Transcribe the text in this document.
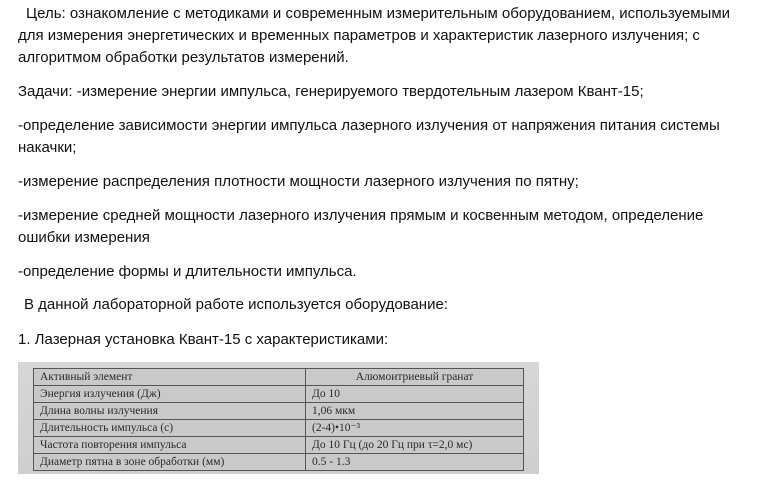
Цель: ознакомление с методиками и современным измерительным оборудованием, используемыми для измерения энергетических и временных параметров и характеристик лазерного излучения; с алгоритмом обработки результатов измерений.

Задачи: -измерение энергии импульса, генерируемого твердотельным лазером Квант-15;

-определение зависимости энергии импульса лазерного излучения от напряжения питания системы накачки;

-измерение распределения плотности мощности лазерного излучения по пятну;

-измерение средней мощности лазерного излучения прямым и косвенным методом, определение ошибки измерения

-определение формы и длительности импульса.

В данной лабораторной работе используется оборудование:

1. Лазерная установка Квант-15 с характеристиками:

Активный элемент	Алюмоитриевый гранат
Энергия излучения (Дж)	До 10
Длина волны излучения	1,06 мкм
Длительность импульса (с)	(2-4)•10⁻³
Частота повторения импульса	До 10 Гц (до 20 Гц при τ=2,0 мс)
Диаметр пятна в зоне обработки (мм)	0.5 - 1.3
